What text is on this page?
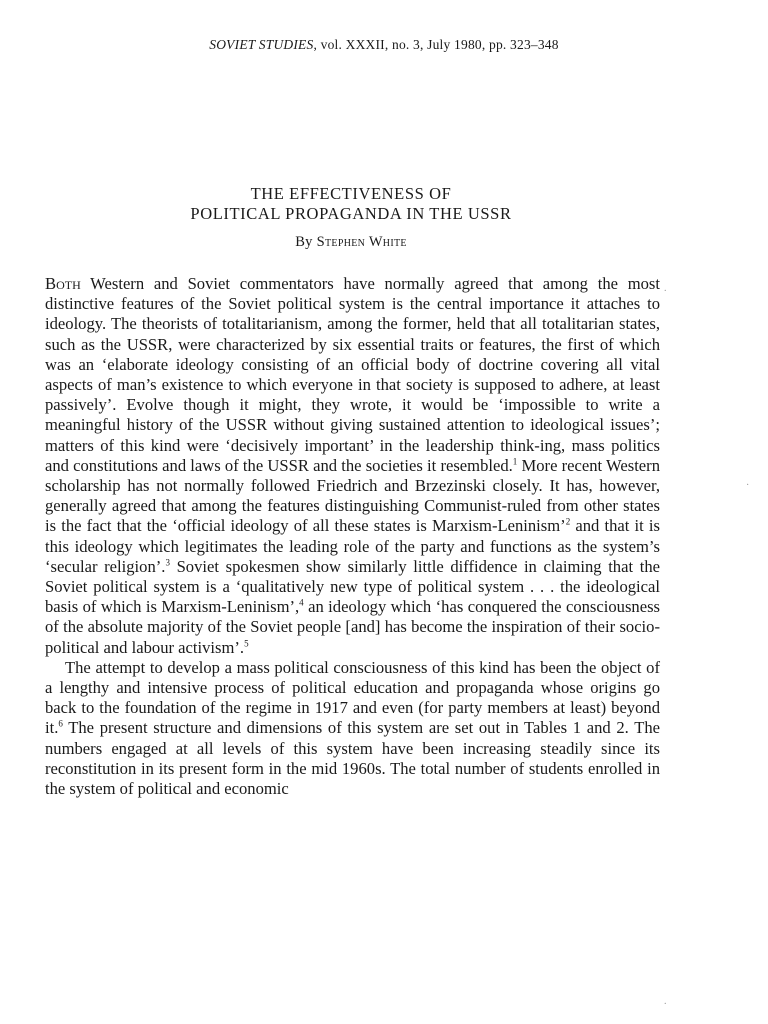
SOVIET STUDIES, vol. XXXII, no. 3, July 1980, pp. 323–348
THE EFFECTIVENESS OF
POLITICAL PROPAGANDA IN THE USSR
By Stephen White

Both Western and Soviet commentators have normally agreed that among the most distinctive features of the Soviet political system is the central importance it attaches to ideology. The theorists of totalitarianism, among the former, held that all totalitarian states, such as the USSR, were characterized by six essential traits or features, the first of which was an ‘elaborate ideology consisting of an official body of doctrine covering all vital aspects of man’s existence to which everyone in that society is supposed to adhere, at least passively’. Evolve though it might, they wrote, it would be ‘impossible to write a meaningful history of the USSR without giving sustained attention to ideological issues’; matters of this kind were ‘decisively important’ in the leadership think-ing, mass politics and constitutions and laws of the USSR and the societies it resembled.$^1$ More recent Western scholarship has not normally followed Friedrich and Brzezinski closely. It has, however, generally agreed that among the features distinguishing Communist-ruled from other states is the fact that the ‘official ideology of all these states is Marxism-Leninism’$^2$ and that it is this ideology which legitimates the leading role of the party and functions as the system’s ‘secular religion’.$^3$ Soviet spokesmen show similarly little diffidence in claiming that the Soviet political system is a ‘qualitatively new type of political system . . . the ideological basis of which is Marxism-Leninism’,$^4$ an ideology which ‘has conquered the consciousness of the absolute majority of the Soviet people [and] has become the inspiration of their socio-political and labour activism’.$^5$

The attempt to develop a mass political consciousness of this kind has been the object of a lengthy and intensive process of political education and propaganda whose origins go back to the foundation of the regime in 1917 and even (for party members at least) beyond it.$^6$ The present structure and dimensions of this system are set out in Tables 1 and 2. The numbers engaged at all levels of this system have been increasing steadily since its reconstitution in its present form in the mid 1960s. The total number of students enrolled in the system of political and economic

.
·
.
